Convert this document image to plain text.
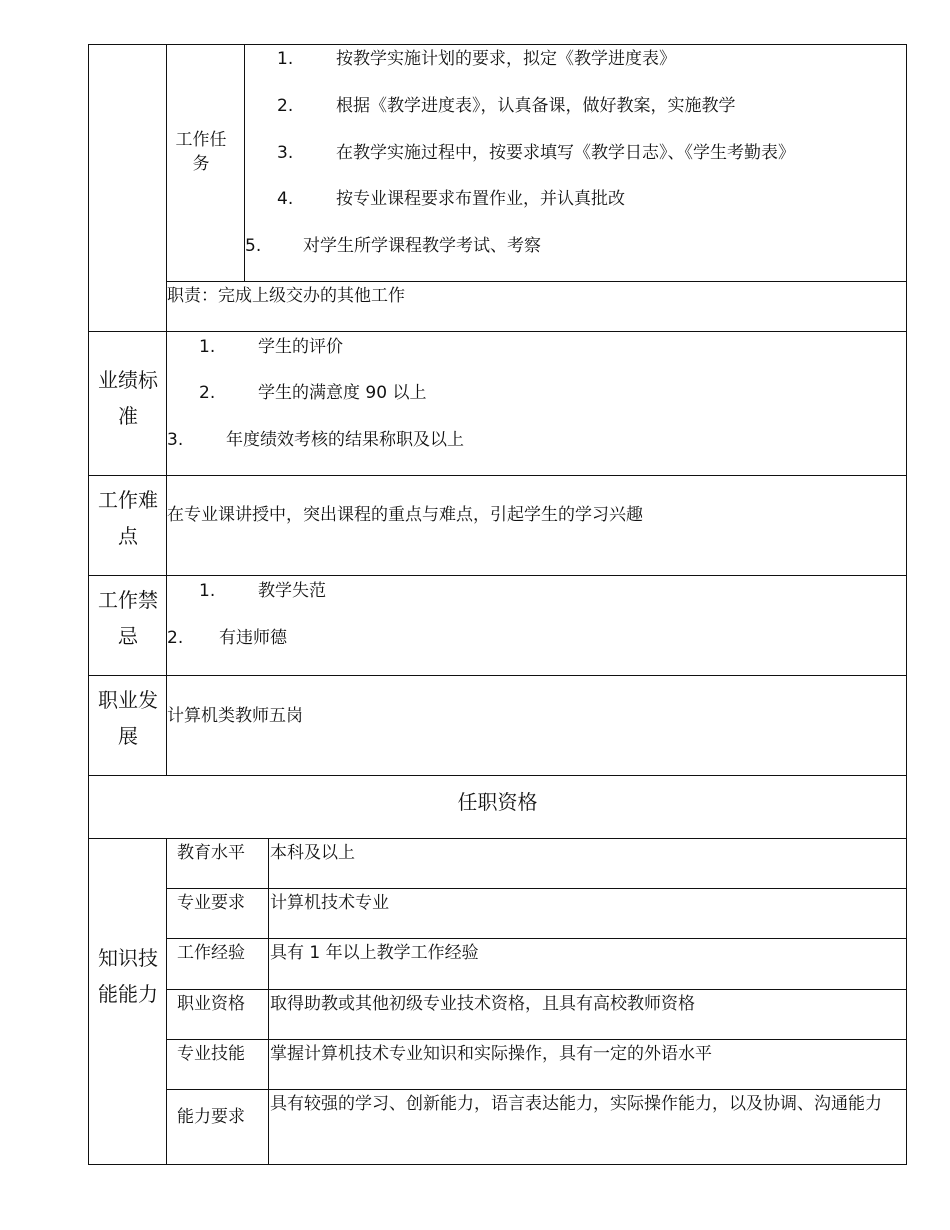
工作任务
1.	按教学实施计划的要求，拟定《教学进度表》
2.	根据《教学进度表》，认真备课，做好教案，实施教学
3.	在教学实施过程中，按要求填写《教学日志》、《学生考勤表》
4.	按专业课程要求布置作业，并认真批改
5. 对学生所学课程教学考试、考察
职责：完成上级交办的其他工作
业绩标准
1.	学生的评价
2.	学生的满意度 90 以上
3.	年度绩效考核的结果称职及以上
工作难点
在专业课讲授中，突出课程的重点与难点，引起学生的学习兴趣
工作禁忌
1.	教学失范
2. 有违师德
职业发展
计算机类教师五岗
任职资格
知识技能能力
教育水平 本科及以上
专业要求 计算机技术专业
工作经验 具有 1 年以上教学工作经验
职业资格 取得助教或其他初级专业技术资格，且具有高校教师资格
专业技能 掌握计算机技术专业知识和实际操作，具有一定的外语水平
能力要求
具有较强的学习、创新能力，语言表达能力，实际操作能力，以及协调、沟通能力
